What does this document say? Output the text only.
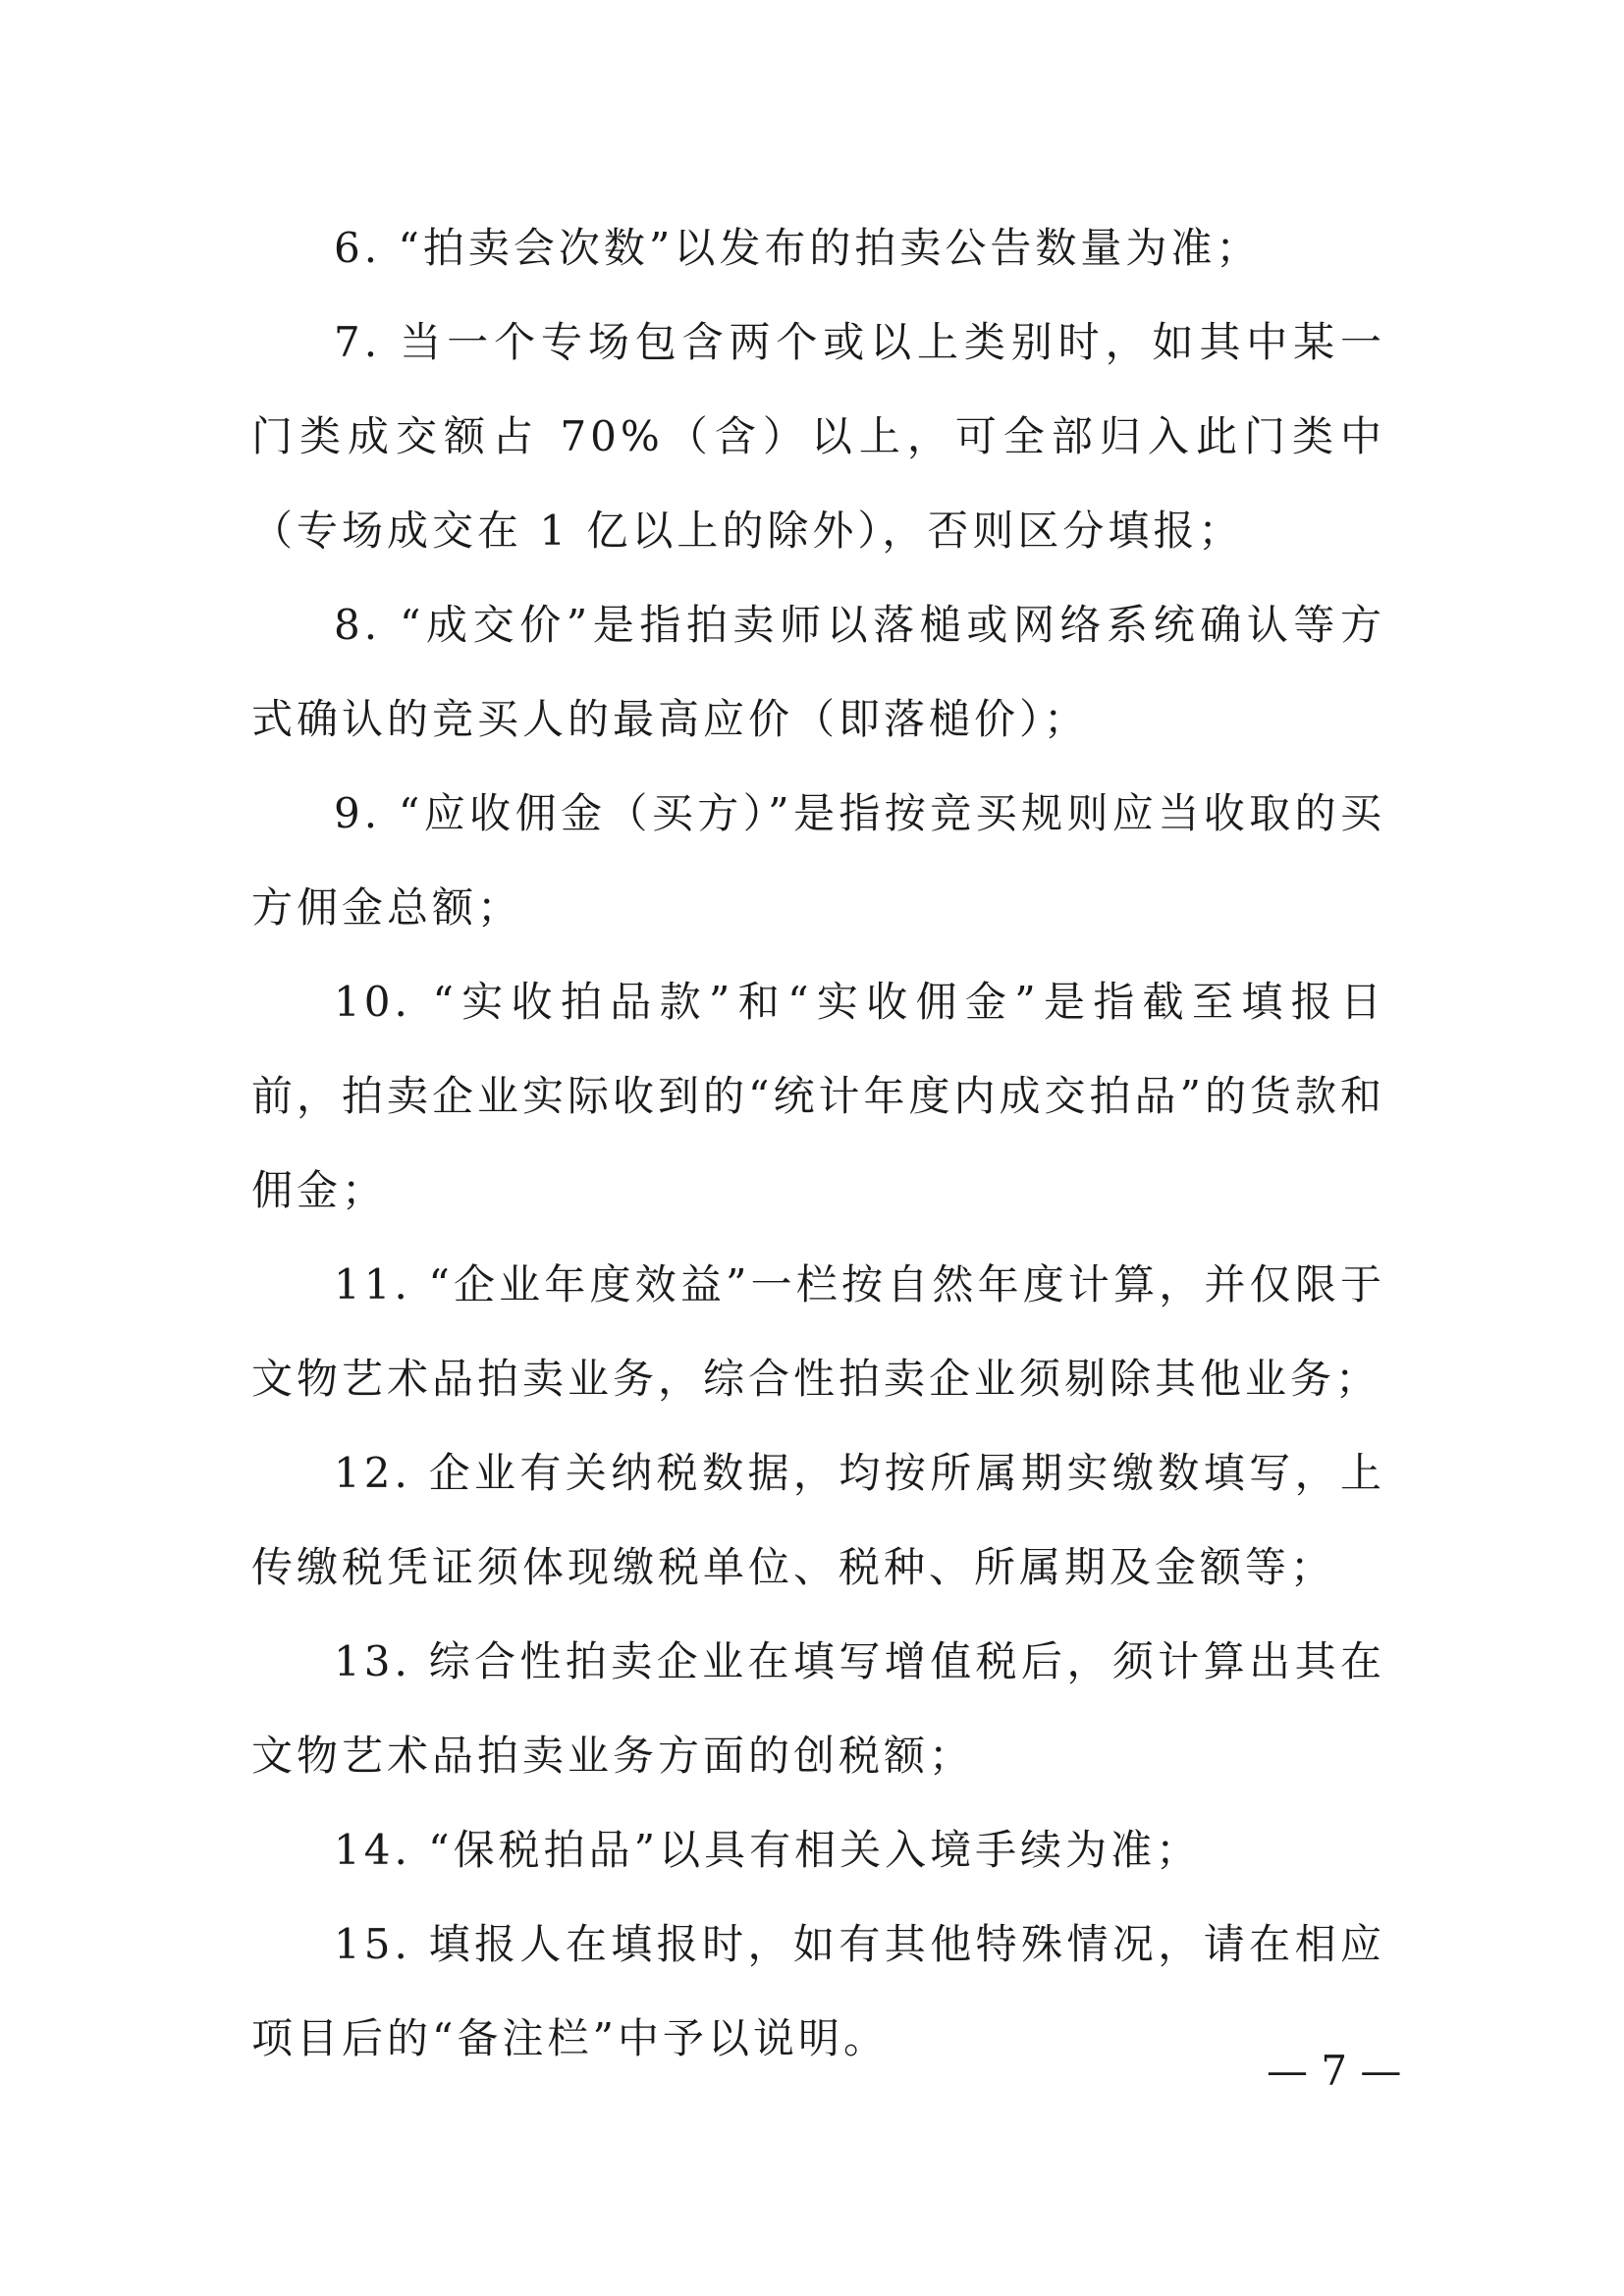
6. “拍卖会次数”以发布的拍卖公告数量为准；

7. 当一个专场包含两个或以上类别时，如其中某一门类成交额占 70%（含）以上，可全部归入此门类中（专场成交在 1 亿以上的除外），否则区分填报；

8. “成交价”是指拍卖师以落槌或网络系统确认等方式确认的竞买人的最高应价（即落槌价）；

9. “应收佣金（买方）”是指按竞买规则应当收取的买方佣金总额；

10. “实收拍品款”和“实收佣金”是指截至填报日前，拍卖企业实际收到的“统计年度内成交拍品”的货款和佣金；

11. “企业年度效益”一栏按自然年度计算，并仅限于文物艺术品拍卖业务，综合性拍卖企业须剔除其他业务；

12. 企业有关纳税数据，均按所属期实缴数填写，上传缴税凭证须体现缴税单位、税种、所属期及金额等；

13. 综合性拍卖企业在填写增值税后，须计算出其在文物艺术品拍卖业务方面的创税额；

14. “保税拍品”以具有相关入境手续为准；

15. 填报人在填报时，如有其他特殊情况，请在相应项目后的“备注栏”中予以说明。

— 7 —
